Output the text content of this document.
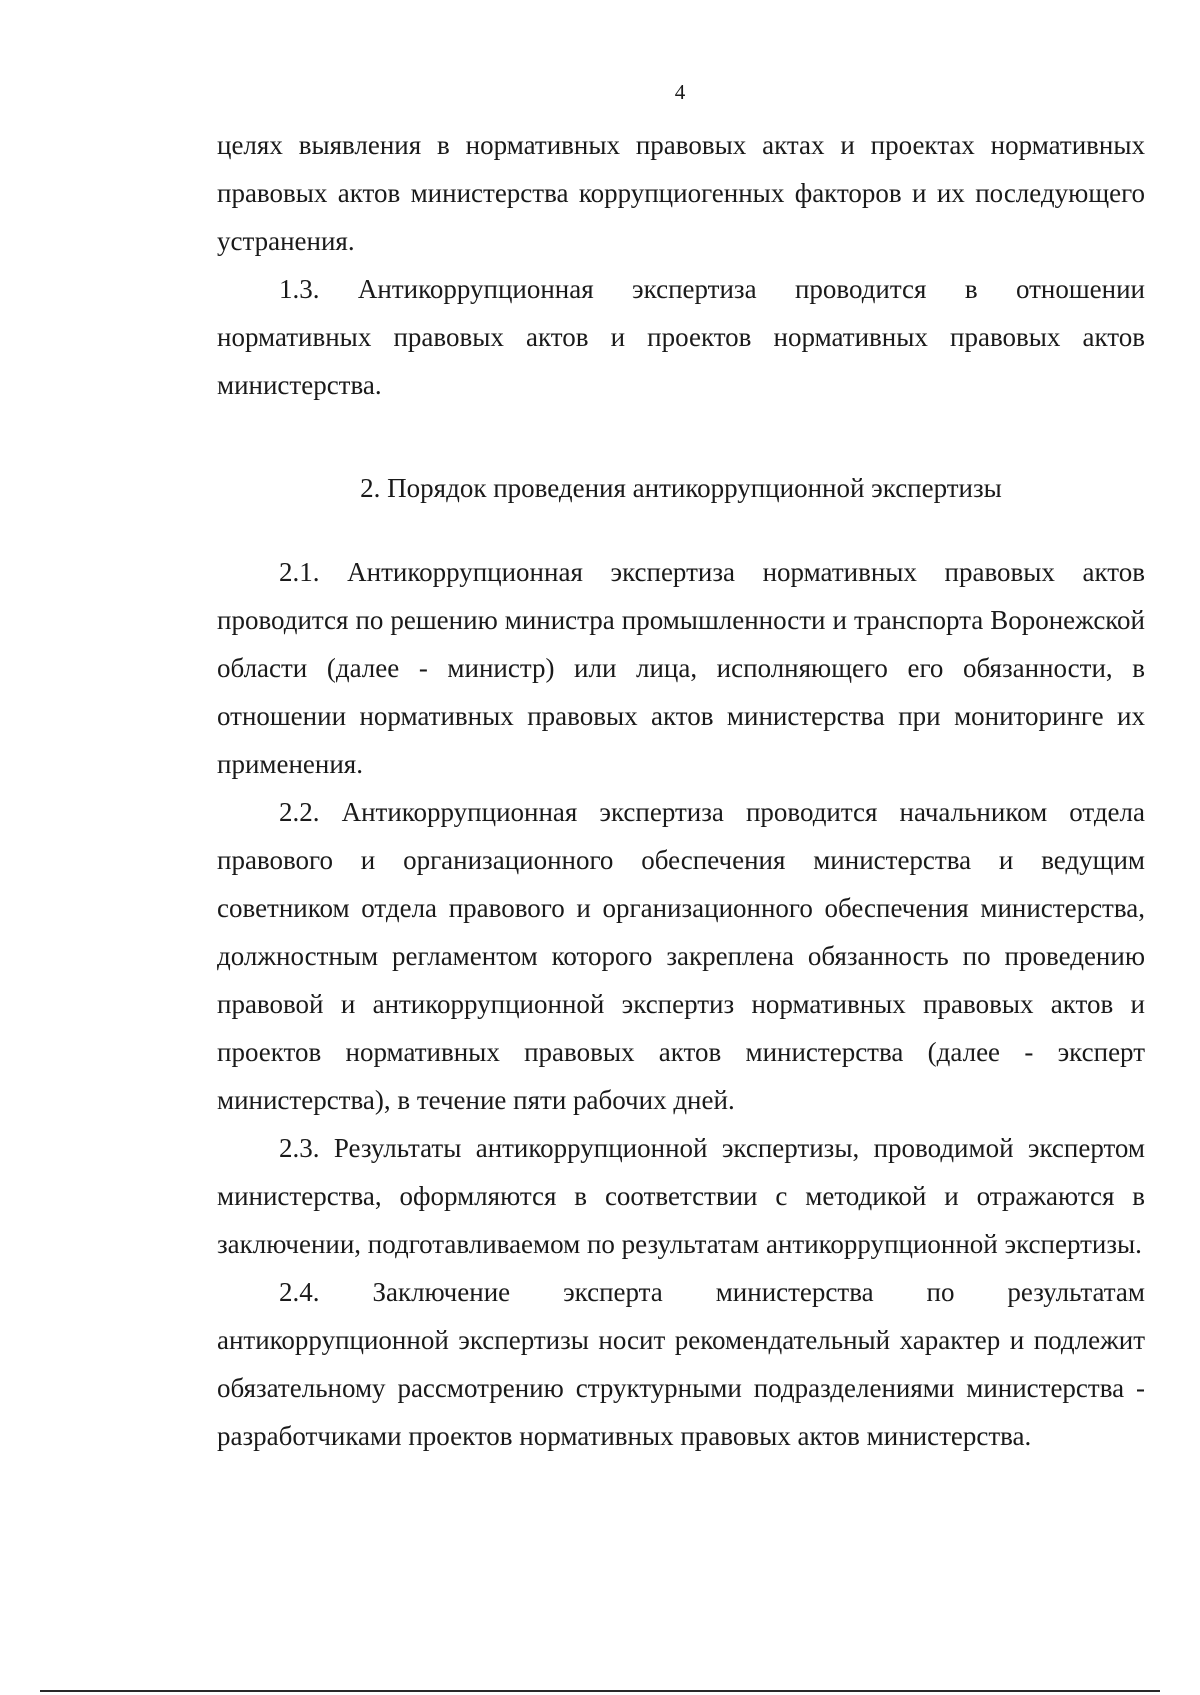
4

целях выявления в нормативных правовых актах и проектах нормативных правовых актов министерства коррупциогенных факторов и их последующего устранения.

1.3. Антикоррупционная экспертиза проводится в отношении нормативных правовых актов и проектов нормативных правовых актов министерства.

2. Порядок проведения антикоррупционной экспертизы

2.1. Антикоррупционная экспертиза нормативных правовых актов проводится по решению министра промышленности и транспорта Воронежской области (далее - министр) или лица, исполняющего его обязанности, в отношении нормативных правовых актов министерства при мониторинге их применения.

2.2. Антикоррупционная экспертиза проводится начальником отдела правового и организационного обеспечения министерства и ведущим советником отдела правового и организационного обеспечения министерства, должностным регламентом которого закреплена обязанность по проведению правовой и антикоррупционной экспертиз нормативных правовых актов и проектов нормативных правовых актов министерства (далее - эксперт министерства), в течение пяти рабочих дней.

2.3. Результаты антикоррупционной экспертизы, проводимой экспертом министерства, оформляются в соответствии с методикой и отражаются в заключении, подготавливаемом по результатам антикоррупционной экспертизы.

2.4. Заключение эксперта министерства по результатам антикоррупционной экспертизы носит рекомендательный характер и подлежит обязательному рассмотрению структурными подразделениями министерства - разработчиками проектов нормативных правовых актов министерства.
